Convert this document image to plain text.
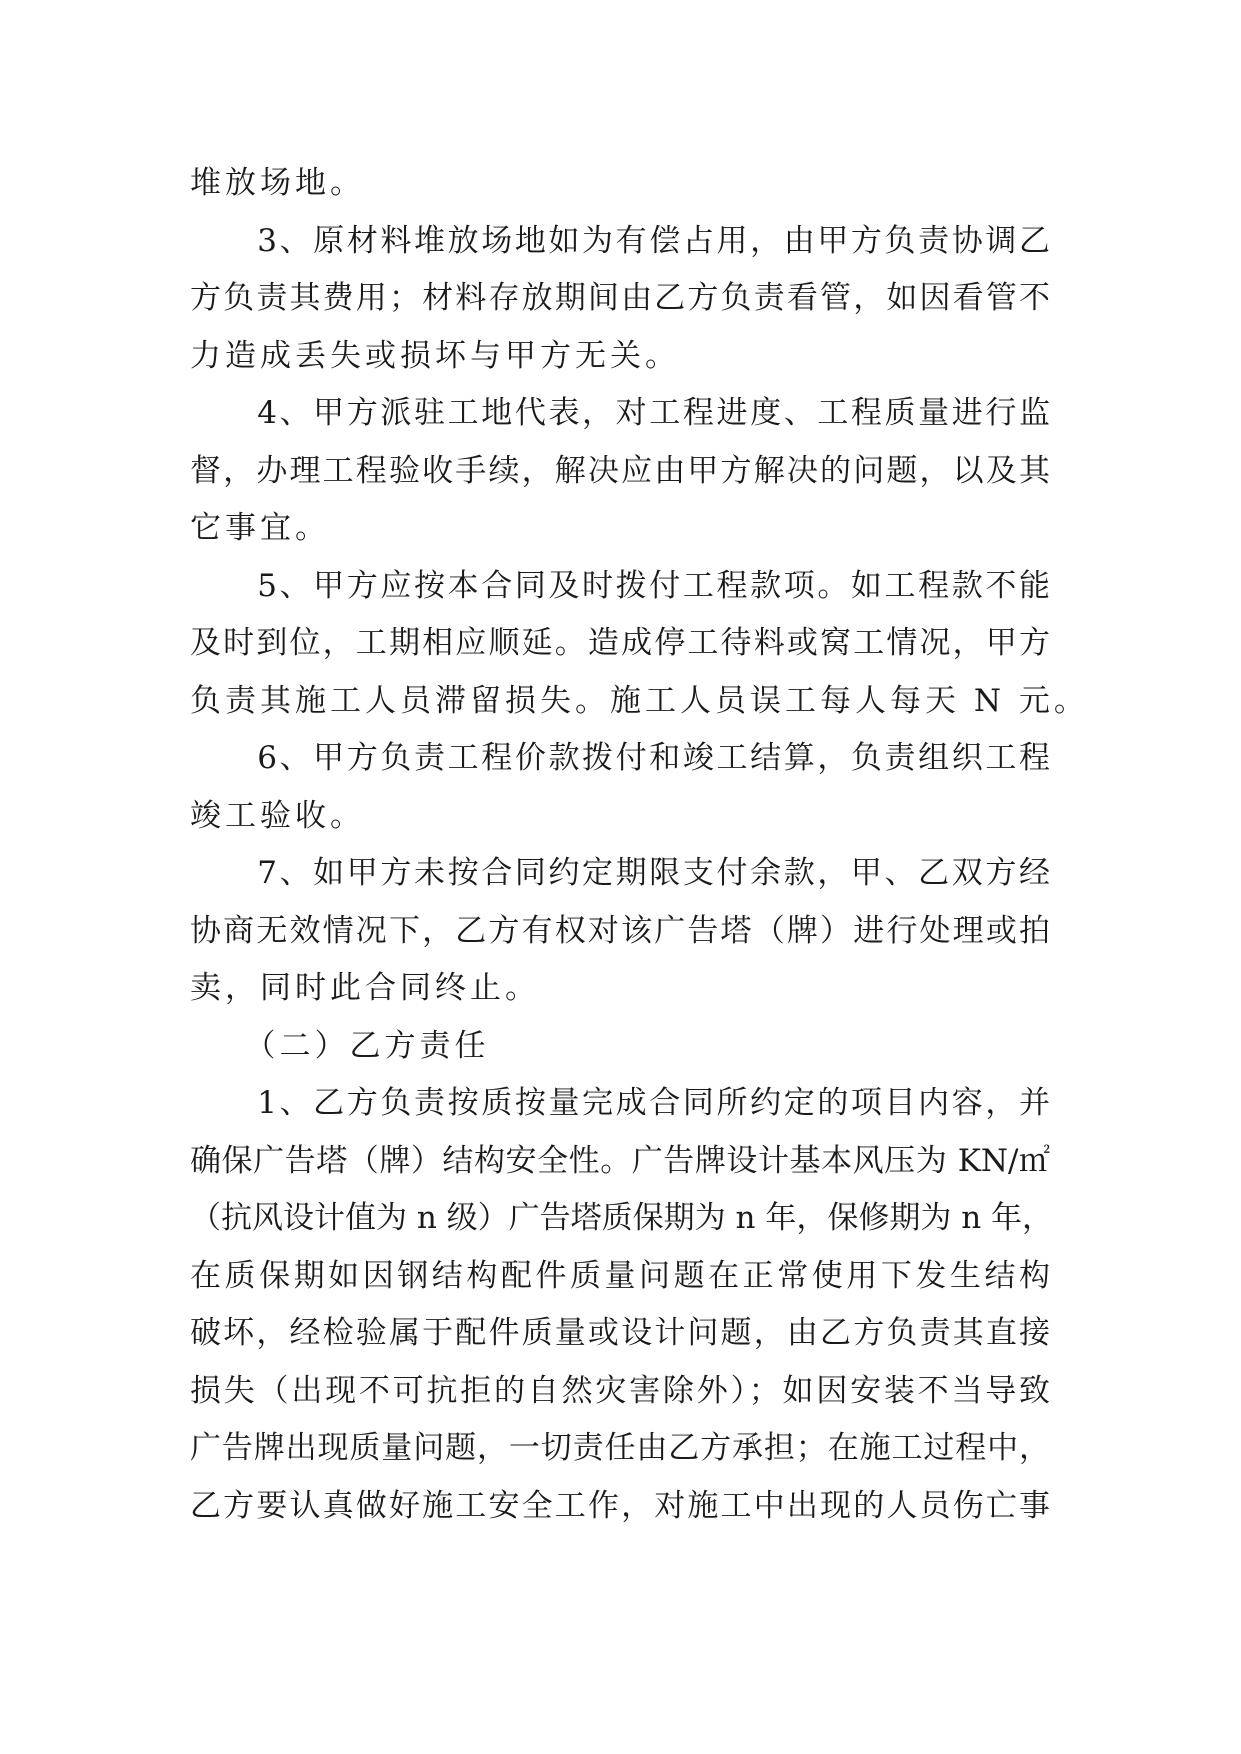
堆放场地。
　　3、原材料堆放场地如为有偿占用，由甲方负责协调乙
方负责其费用；材料存放期间由乙方负责看管，如因看管不
力造成丢失或损坏与甲方无关。
　　4、甲方派驻工地代表，对工程进度、工程质量进行监
督，办理工程验收手续，解决应由甲方解决的问题，以及其
它事宜。
　　5、甲方应按本合同及时拨付工程款项。如工程款不能
及时到位，工期相应顺延。造成停工待料或窝工情况，甲方
负责其施工人员滞留损失。施工人员误工每人每天 N 元。
　　6、甲方负责工程价款拨付和竣工结算，负责组织工程
竣工验收。
　　7、如甲方未按合同约定期限支付余款，甲、乙双方经
协商无效情况下，乙方有权对该广告塔（牌）进行处理或拍
卖，同时此合同终止。
　　（二）乙方责任
　　1、乙方负责按质按量完成合同所约定的项目内容，并
确保广告塔（牌）结构安全性。广告牌设计基本风压为 KN/㎡
（抗风设计值为 n 级）广告塔质保期为 n 年，保修期为 n 年，
在质保期如因钢结构配件质量问题在正常使用下发生结构
破坏，经检验属于配件质量或设计问题，由乙方负责其直接
损失（出现不可抗拒的自然灾害除外）；如因安装不当导致
广告牌出现质量问题，一切责任由乙方承担；在施工过程中，
乙方要认真做好施工安全工作，对施工中出现的人员伤亡事
